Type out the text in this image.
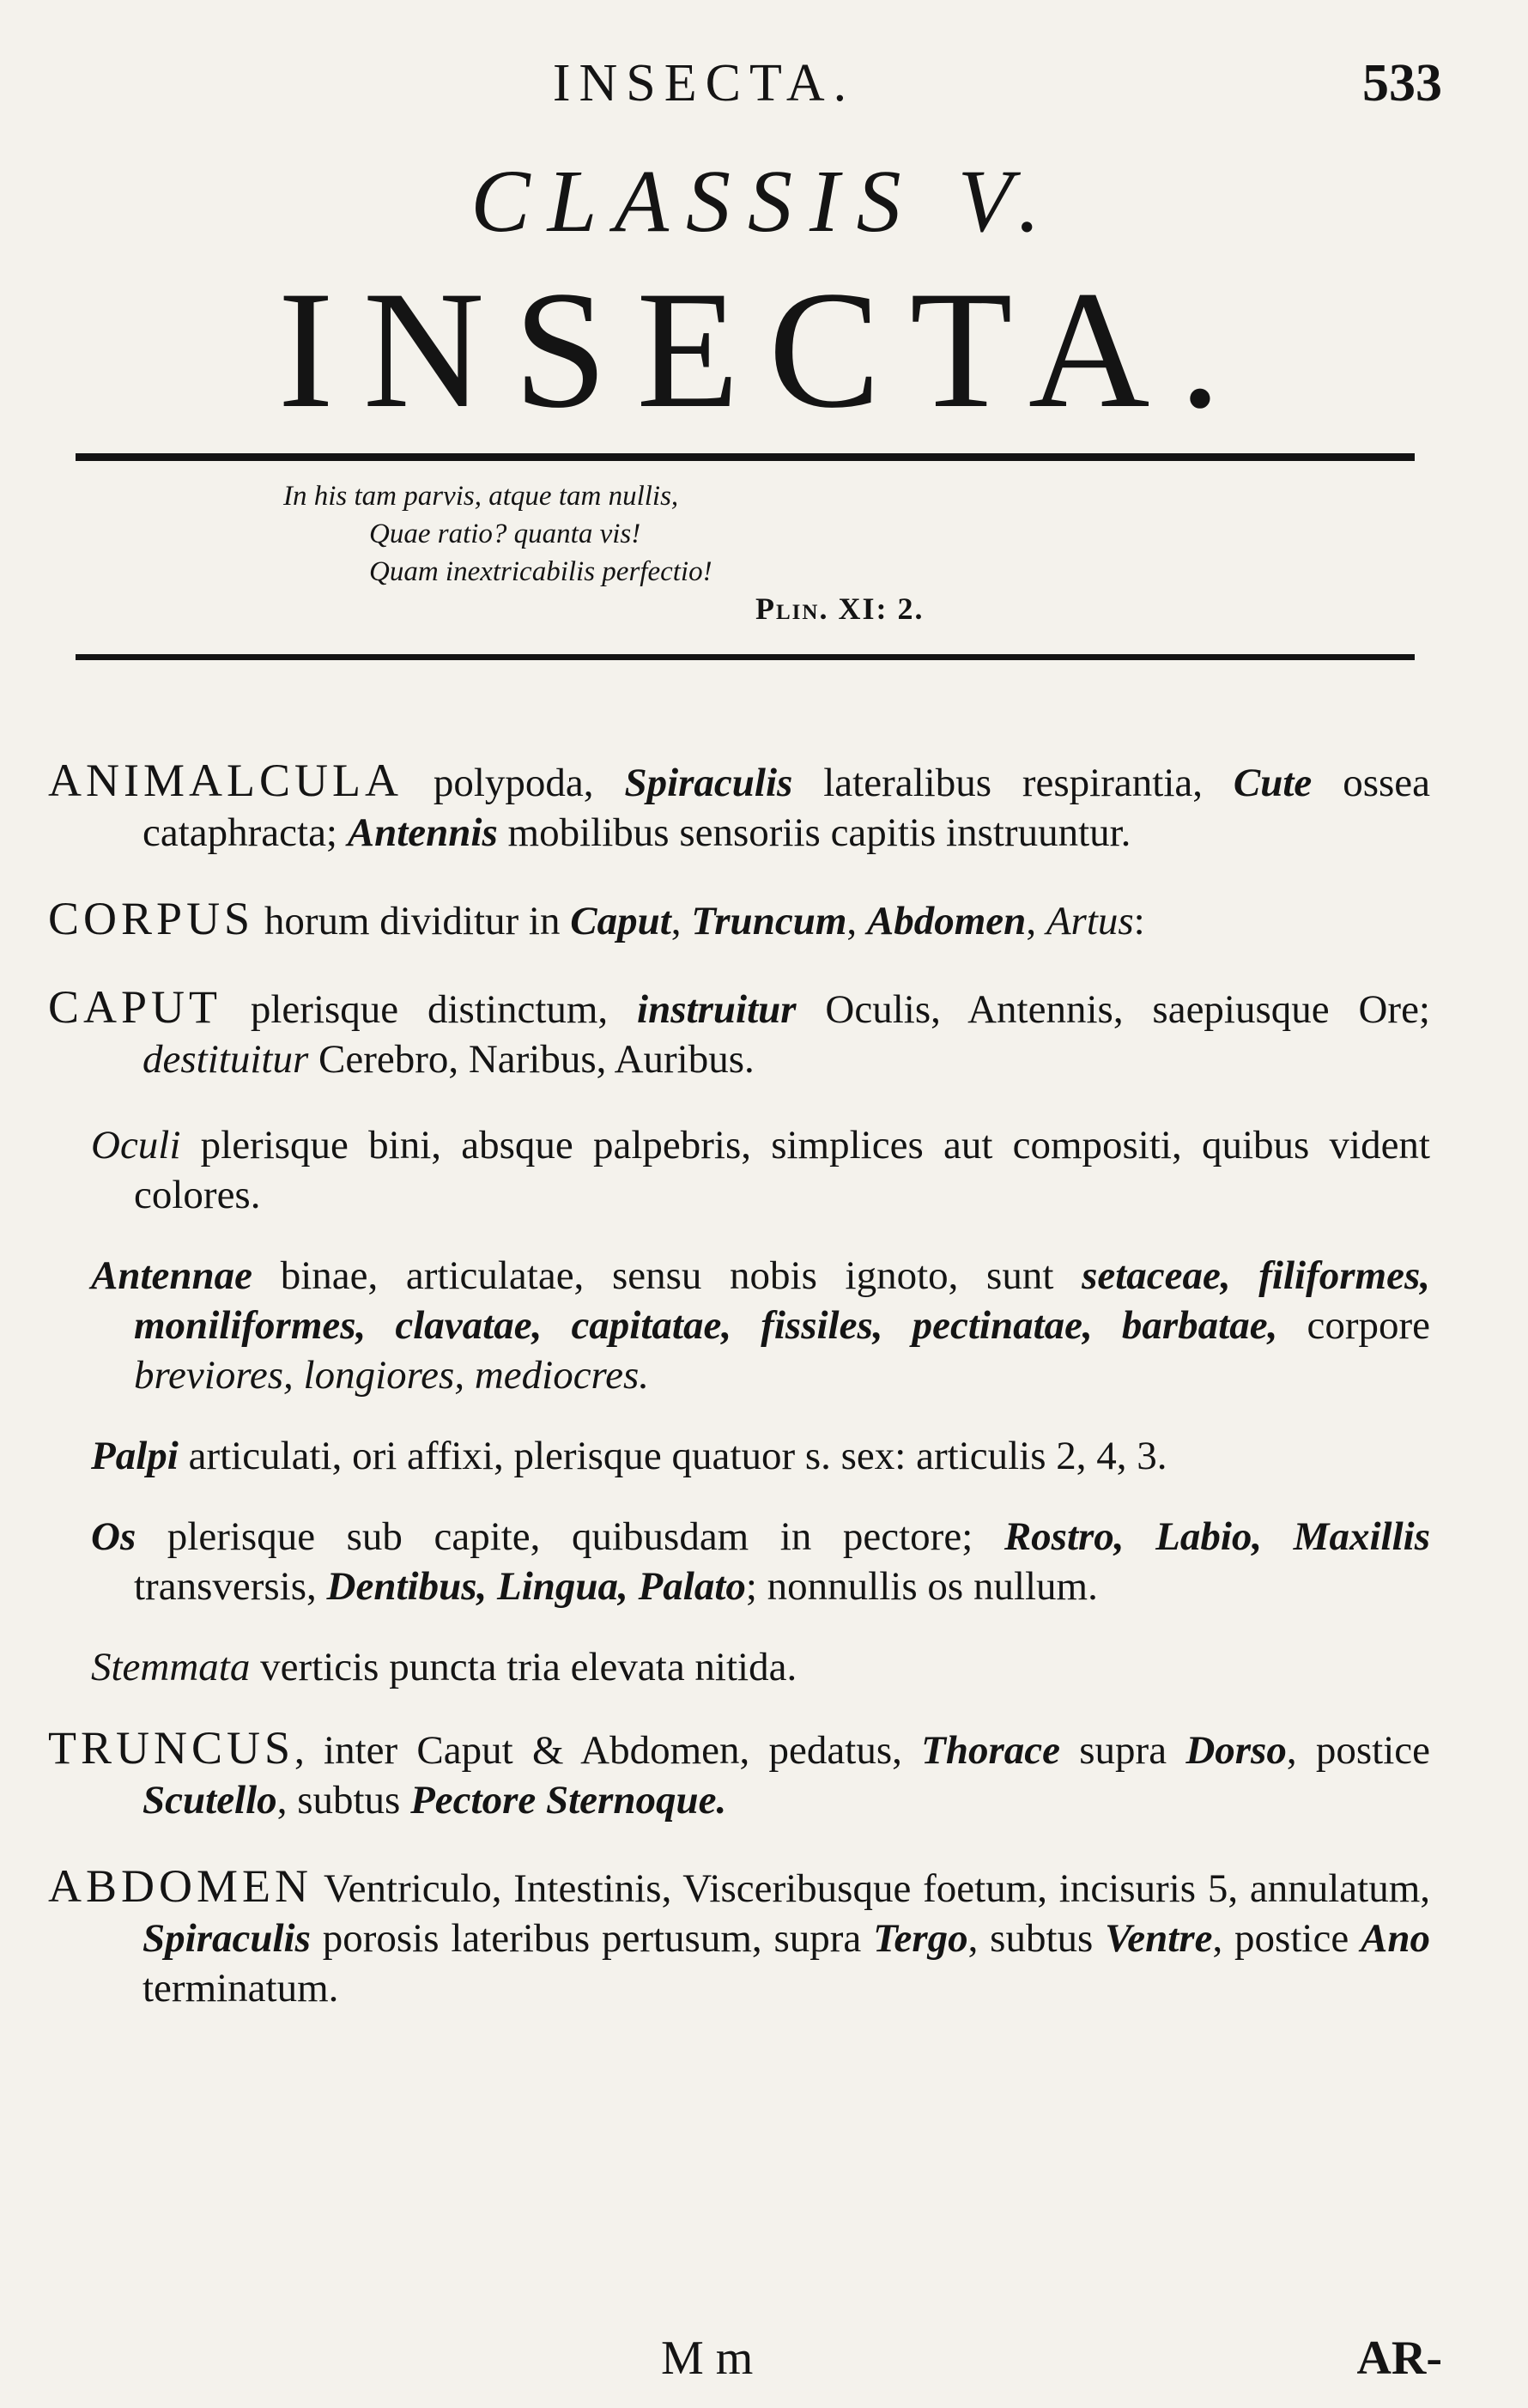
INSECTA.	533
CLASSIS V.
INSECTA.
In his tam parvis, atque tam nullis,
Quae ratio? quanta vis!
Quam inextricabilis perfectio!
Plin. XI: 2.

ANIMALCULA polypoda, Spiraculis lateralibus respirantia, Cute ossea cataphracta; Antennis mobilibus sensoriis capitis instruuntur.

CORPUS horum dividitur in Caput, Truncum, Abdomen, Artus:

CAPUT plerisque distinctum, instruitur Oculis, Antennis, saepiusque Ore; destituitur Cerebro, Naribus, Auribus.

Oculi plerisque bini, absque palpebris, simplices aut compositi, quibus vident colores.

Antennae binae, articulatae, sensu nobis ignoto, sunt setaceae, filiformes, moniliformes, clavatae, capitatae, fissiles, pectinatae, barbatae, corpore breviores, longiores, mediocres.

Palpi articulati, ori affixi, plerisque quatuor s. sex: articulis 2, 4, 3.

Os plerisque sub capite, quibusdam in pectore; Rostro, Labio, Maxillis transversis, Dentibus, Lingua, Palato; nonnullis os nullum.

Stemmata verticis puncta tria elevata nitida.

TRUNCUS, inter Caput & Abdomen, pedatus, Thorace supra Dorso, postice Scutello, subtus Pectore Sternoque.

ABDOMEN Ventriculo, Intestinis, Visceribusque foetum, incisuris 5, annulatum, Spiraculis porosis lateribus pertusum, supra Tergo, subtus Ventre, postice Ano terminatum.

M m	AR-
